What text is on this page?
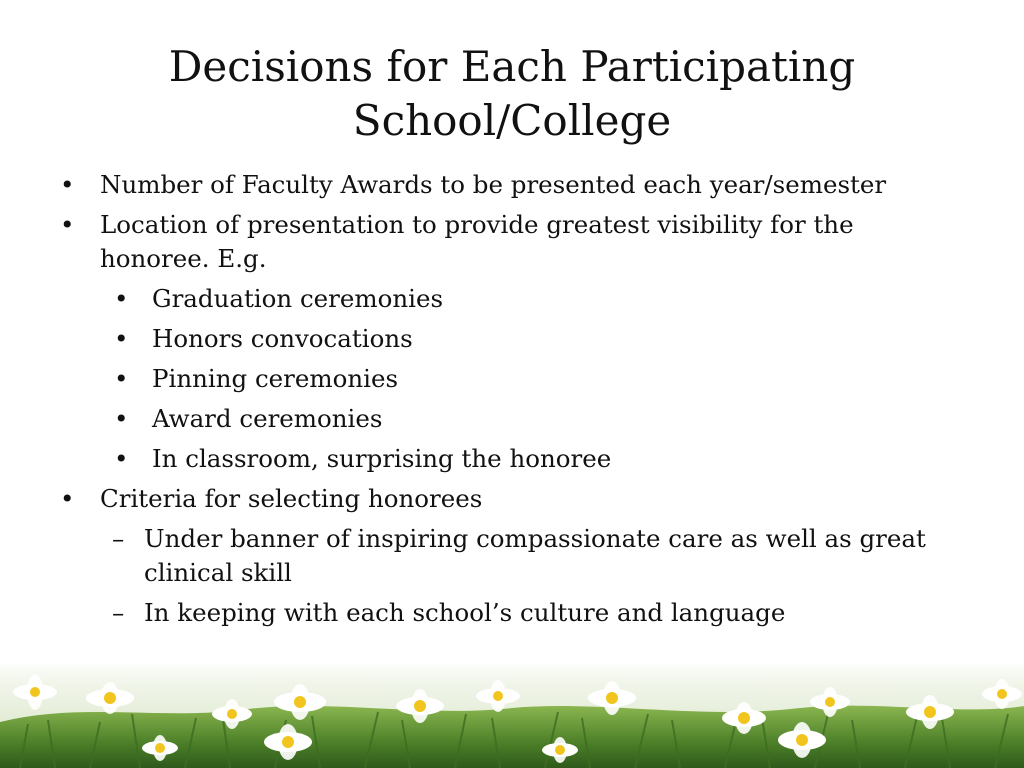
Decisions for Each Participating
School/College
• Number of Faculty Awards to be presented each year/semester
• Location of presentation to provide greatest visibility for the honoree. E.g.
• Graduation ceremonies
• Honors convocations
• Pinning ceremonies
• Award ceremonies
• In classroom, surprising the honoree
• Criteria for selecting honorees
– Under banner of inspiring compassionate care as well as great clinical skill
– In keeping with each school’s culture and language
